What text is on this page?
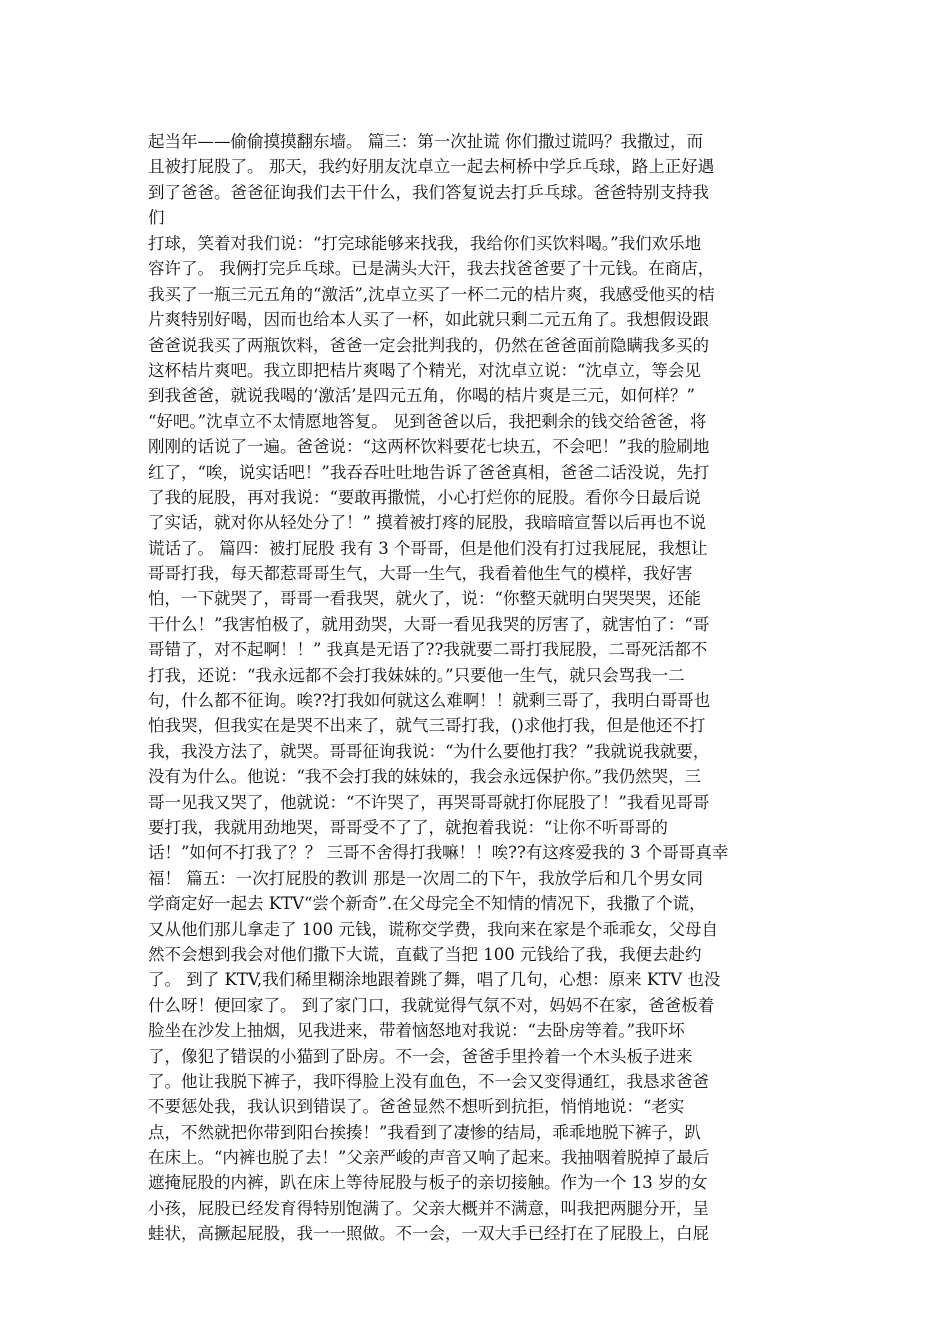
起当年——偷偷摸摸翻东墙。 篇三：第一次扯谎 你们撒过谎吗？我撒过，而
且被打屁股了。 那天，我约好朋友沈卓立一起去柯桥中学乒乓球，路上正好遇
到了爸爸。爸爸征询我们去干什么，我们答复说去打乒乓球。爸爸特别支持我
们
打球，笑着对我们说：“打完球能够来找我，我给你们买饮料喝。”我们欢乐地
容许了。 我俩打完乒乓球。已是满头大汗，我去找爸爸要了十元钱。在商店，
我买了一瓶三元五角的“激活”,沈卓立买了一杯二元的桔片爽，我感受他买的桔
片爽特别好喝，因而也给本人买了一杯，如此就只剩二元五角了。我想假设跟
爸爸说我买了两瓶饮料，爸爸一定会批判我的，仍然在爸爸面前隐瞒我多买的
这杯桔片爽吧。我立即把桔片爽喝了个精光，对沈卓立说：“沈卓立，等会见
到我爸爸，就说我喝的‘激活’是四元五角，你喝的桔片爽是三元，如何样？”
“好吧。”沈卓立不太情愿地答复。 见到爸爸以后，我把剩余的钱交给爸爸，将
刚刚的话说了一遍。爸爸说：“这两杯饮料要花七块五，不会吧！”我的脸刷地
红了，“唉，说实话吧！”我吞吞吐吐地告诉了爸爸真相，爸爸二话没说，先打
了我的屁股，再对我说：“要敢再撒慌，小心打烂你的屁股。看你今日最后说
了实话，就对你从轻处分了！” 摸着被打疼的屁股，我暗暗宣誓以后再也不说
谎话了。 篇四：被打屁股 我有 3 个哥哥，但是他们没有打过我屁屁，我想让
哥哥打我，每天都惹哥哥生气，大哥一生气，我看着他生气的模样，我好害
怕，一下就哭了，哥哥一看我哭，就火了，说：“你整天就明白哭哭哭，还能
干什么！”我害怕极了，就用劲哭，大哥一看见我哭的厉害了，就害怕了：“哥
哥错了，对不起啊！！” 我真是无语了??我就要二哥打我屁股，二哥死活都不
打我，还说：“我永远都不会打我妹妹的。”只要他一生气，就只会骂我一二
句，什么都不征询。唉??打我如何就这么难啊！！就剩三哥了，我明白哥哥也
怕我哭，但我实在是哭不出来了，就气三哥打我，()求他打我，但是他还不打
我，我没方法了，就哭。哥哥征询我说：“为什么要他打我？”我就说我就要，
没有为什么。他说：“我不会打我的妹妹的，我会永远保护你。”我仍然哭，三
哥一见我又哭了，他就说：“不许哭了，再哭哥哥就打你屁股了！”我看见哥哥
要打我，我就用劲地哭，哥哥受不了了，就抱着我说：“让你不听哥哥的
话！”如何不打我了？？ 三哥不舍得打我嘛！！唉??有这疼爱我的 3 个哥哥真幸
福！ 篇五：一次打屁股的教训 那是一次周二的下午，我放学后和几个男女同
学商定好一起去 KTV“尝个新奇”.在父母完全不知情的情况下，我撒了个谎，
又从他们那儿拿走了 100 元钱，谎称交学费，我向来在家是个乖乖女，父母自
然不会想到我会对他们撒下大谎，直截了当把 100 元钱给了我，我便去赴约
了。 到了 KTV,我们稀里糊涂地跟着跳了舞，唱了几句，心想：原来 KTV 也没
什么呀！便回家了。 到了家门口，我就觉得气氛不对，妈妈不在家，爸爸板着
脸坐在沙发上抽烟，见我进来，带着恼怒地对我说：“去卧房等着。”我吓坏
了，像犯了错误的小猫到了卧房。不一会，爸爸手里拎着一个木头板子进来
了。他让我脱下裤子，我吓得脸上没有血色，不一会又变得通红，我恳求爸爸
不要惩处我，我认识到错误了。爸爸显然不想听到抗拒，悄悄地说：“老实
点，不然就把你带到阳台挨揍！”我看到了凄惨的结局，乖乖地脱下裤子，趴
在床上。“内裤也脱了去！”父亲严峻的声音又响了起来。我抽咽着脱掉了最后
遮掩屁股的内裤，趴在床上等待屁股与板子的亲切接触。作为一个 13 岁的女
小孩，屁股已经发育得特别饱满了。父亲大概并不满意，叫我把两腿分开，呈
蛙状，高撅起屁股，我一一照做。不一会，一双大手已经打在了屁股上，白屁
